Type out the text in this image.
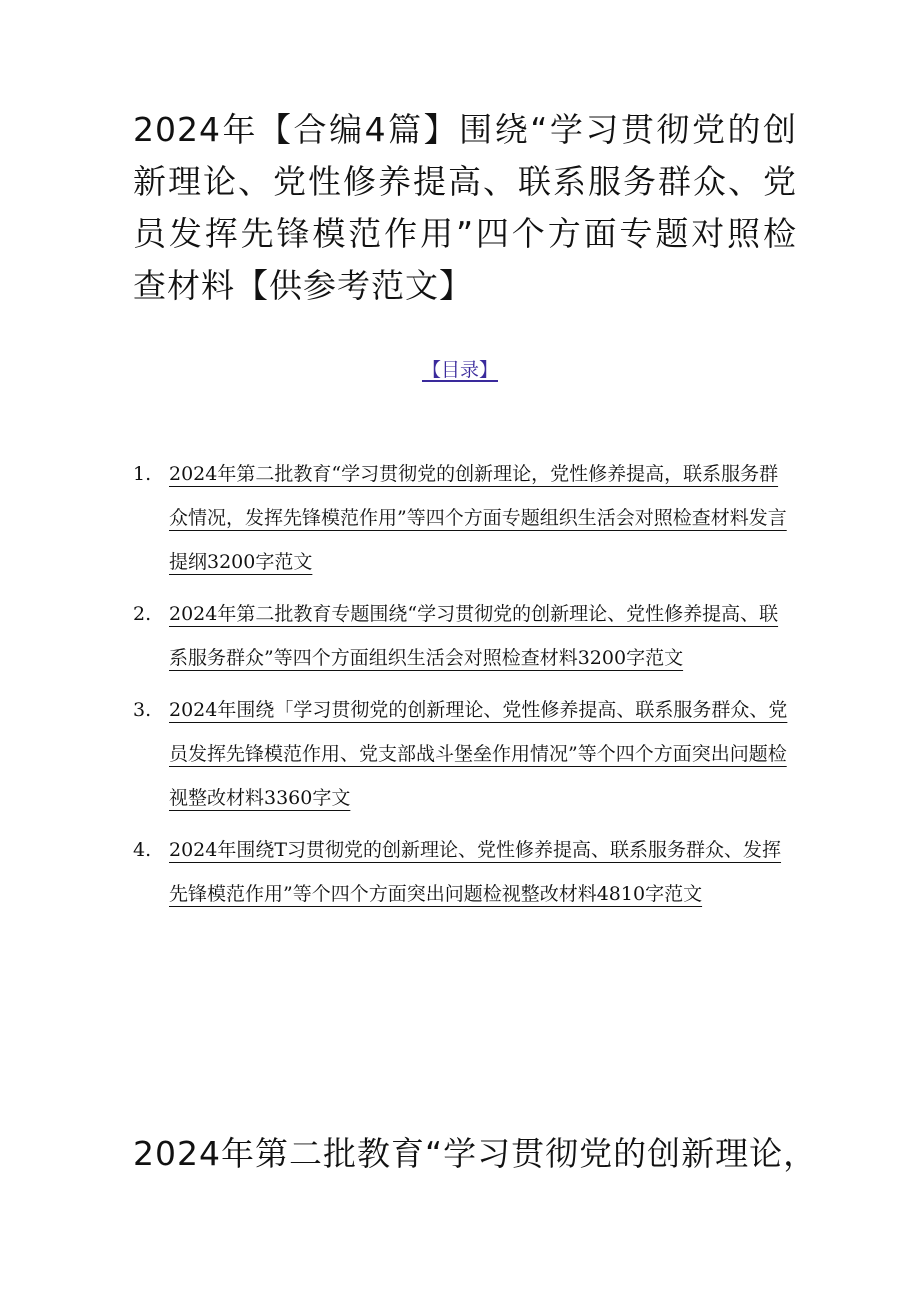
2024年【合编4篇】围绕“学习贯彻党的创新理论、党性修养提高、联系服务群众、党员发挥先锋模范作用”四个方面专题对照检查材料【供参考范文】
【目录】
1. 2024年第二批教育“学习贯彻党的创新理论，党性修养提高，联系服务群众情况，发挥先锋模范作用”等四个方面专题组织生活会对照检查材料发言提纲3200字范文
2. 2024年第二批教育专题围绕“学习贯彻党的创新理论、党性修养提高、联系服务群众”等四个方面组织生活会对照检查材料3200字范文
3. 2024年围绕「学习贯彻党的创新理论、党性修养提高、联系服务群众、党员发挥先锋模范作用、党支部战斗堡垒作用情况”等个四个方面突出问题检视整改材料3360字文
4. 2024年围绕T习贯彻党的创新理论、党性修养提高、联系服务群众、发挥先锋模范作用”等个四个方面突出问题检视整改材料4810字范文
2024年第二批教育“学习贯彻党的创新理论，
